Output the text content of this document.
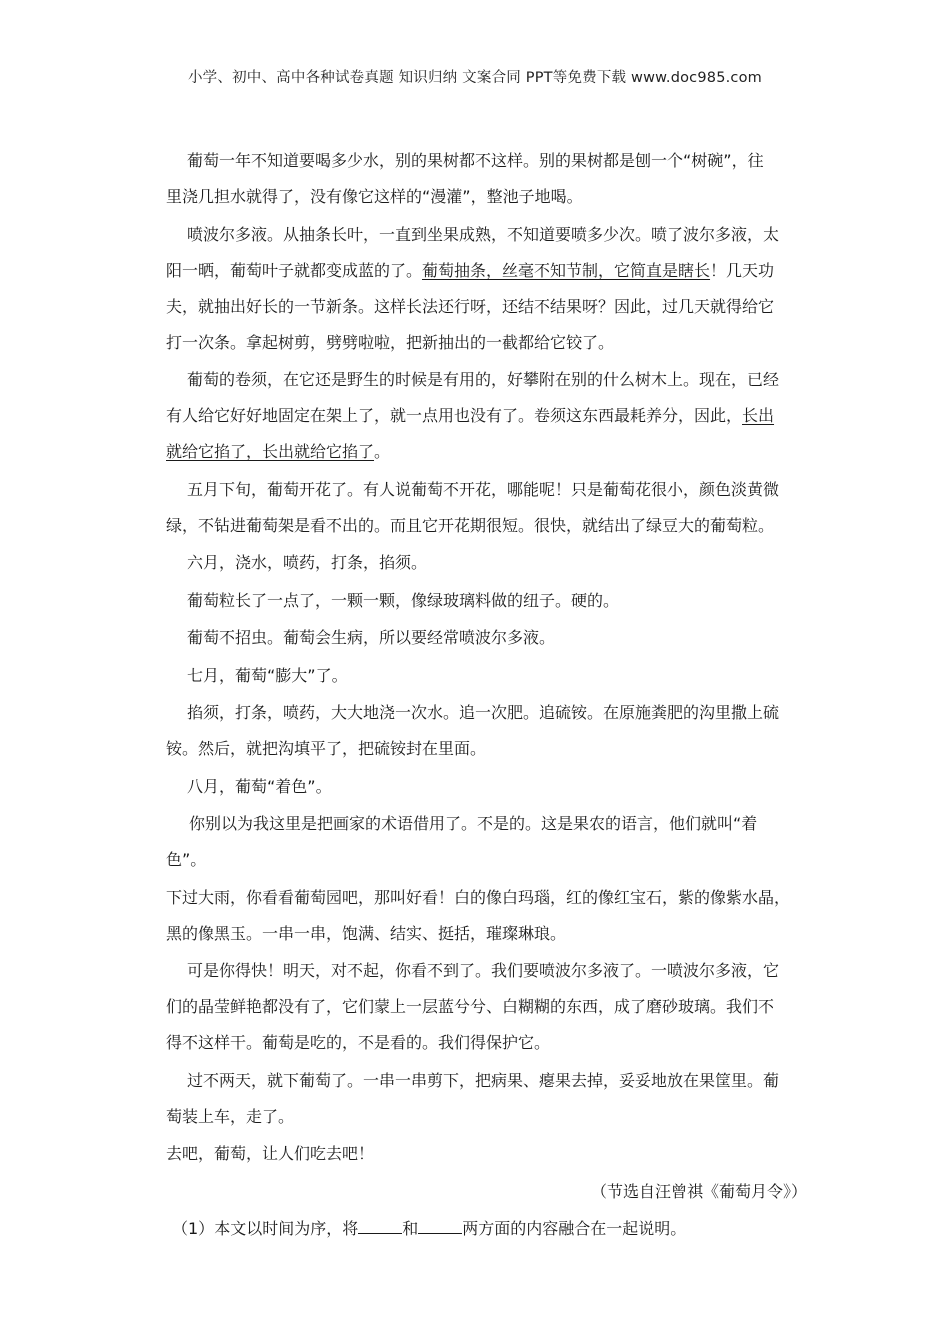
小学、初中、高中各种试卷真题 知识归纳 文案合同 PPT等免费下载 www.doc985.com

葡萄一年不知道要喝多少水，别的果树都不这样。别的果树都是刨一个“树碗”，往

里浇几担水就得了，没有像它这样的“漫灌”，整池子地喝。

喷波尔多液。从抽条长叶，一直到坐果成熟，不知道要喷多少次。喷了波尔多液，太

阳一晒，葡萄叶子就都变成蓝的了。葡萄抽条，丝毫不知节制，它简直是瞎长！几天功

夫，就抽出好长的一节新条。这样长法还行呀，还结不结果呀？因此，过几天就得给它

打一次条。拿起树剪，劈劈啦啦，把新抽出的一截都给它铰了。

葡萄的卷须，在它还是野生的时候是有用的，好攀附在别的什么树木上。现在，已经

有人给它好好地固定在架上了，就一点用也没有了。卷须这东西最耗养分，因此，长出

就给它掐了，长出就给它掐了。

五月下旬，葡萄开花了。有人说葡萄不开花，哪能呢！只是葡萄花很小，颜色淡黄微

绿，不钻进葡萄架是看不出的。而且它开花期很短。很快，就结出了绿豆大的葡萄粒。

六月，浇水，喷药，打条，掐须。

葡萄粒长了一点了，一颗一颗，像绿玻璃料做的纽子。硬的。

葡萄不招虫。葡萄会生病，所以要经常喷波尔多液。

七月，葡萄“膨大”了。

掐须，打条，喷药，大大地浇一次水。追一次肥。追硫铵。在原施粪肥的沟里撒上硫

铵。然后，就把沟填平了，把硫铵封在里面。

八月，葡萄“着色”。

你别以为我这里是把画家的术语借用了。不是的。这是果农的语言，他们就叫“着

色”。

下过大雨，你看看葡萄园吧，那叫好看！白的像白玛瑙，红的像红宝石，紫的像紫水晶，

黑的像黑玉。一串一串，饱满、结实、挺括，璀璨琳琅。

可是你得快！明天，对不起，你看不到了。我们要喷波尔多液了。一喷波尔多液，它

们的晶莹鲜艳都没有了，它们蒙上一层蓝兮兮、白糊糊的东西，成了磨砂玻璃。我们不

得不这样干。葡萄是吃的，不是看的。我们得保护它。

过不两天，就下葡萄了。一串一串剪下，把病果、瘪果去掉，妥妥地放在果筐里。葡

萄装上车，走了。

去吧，葡萄，让人们吃去吧！

（节选自汪曾祺《葡萄月令》）

（1）本文以时间为序，将	和	两方面的内容融合在一起说明。
